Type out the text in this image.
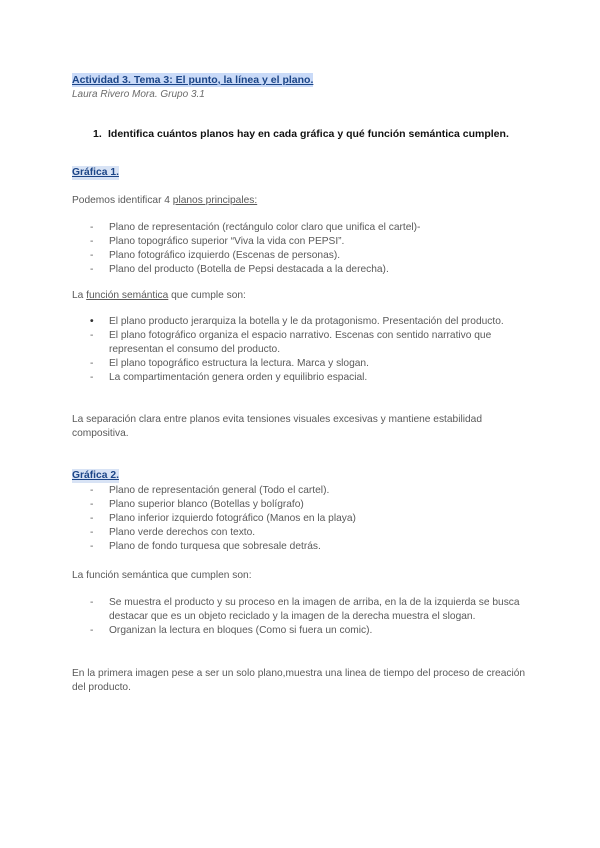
Actividad 3. Tema 3: El punto, la línea y el plano.
Laura Rivero Mora. Grupo 3.1
1. Identifica cuántos planos hay en cada gráfica y qué función semántica cumplen.
Gráfica 1.
Podemos identificar 4 planos principales:
- Plano de representación (rectángulo color claro que unifica el cartel)-
- Plano topográfico superior “Viva la vida con PEPSI”.
- Plano fotográfico izquierdo (Escenas de personas).
- Plano del producto (Botella de Pepsi destacada a la derecha).
La función semántica que cumple son:
• El plano producto jerarquiza la botella y le da protagonismo. Presentación del producto.
- El plano fotográfico organiza el espacio narrativo. Escenas con sentido narrativo que representan el consumo del producto.
- El plano topográfico estructura la lectura. Marca y slogan.
- La compartimentación genera orden y equilibrio espacial.
La separación clara entre planos evita tensiones visuales excesivas y mantiene estabilidad compositiva.
Gráfica 2.
- Plano de representación general (Todo el cartel).
- Plano superior blanco (Botellas y bolígrafo)
- Plano inferior izquierdo fotográfico (Manos en la playa)
- Plano verde derechos con texto.
- Plano de fondo turquesa que sobresale detrás.
La función semántica que cumplen son:
- Se muestra el producto y su proceso en la imagen de arriba, en la de la izquierda se busca destacar que es un objeto reciclado y la imagen de la derecha muestra el slogan.
- Organizan la lectura en bloques (Como si fuera un comic).
En la primera imagen pese a ser un solo plano,muestra una linea de tiempo del proceso de creación del producto.
